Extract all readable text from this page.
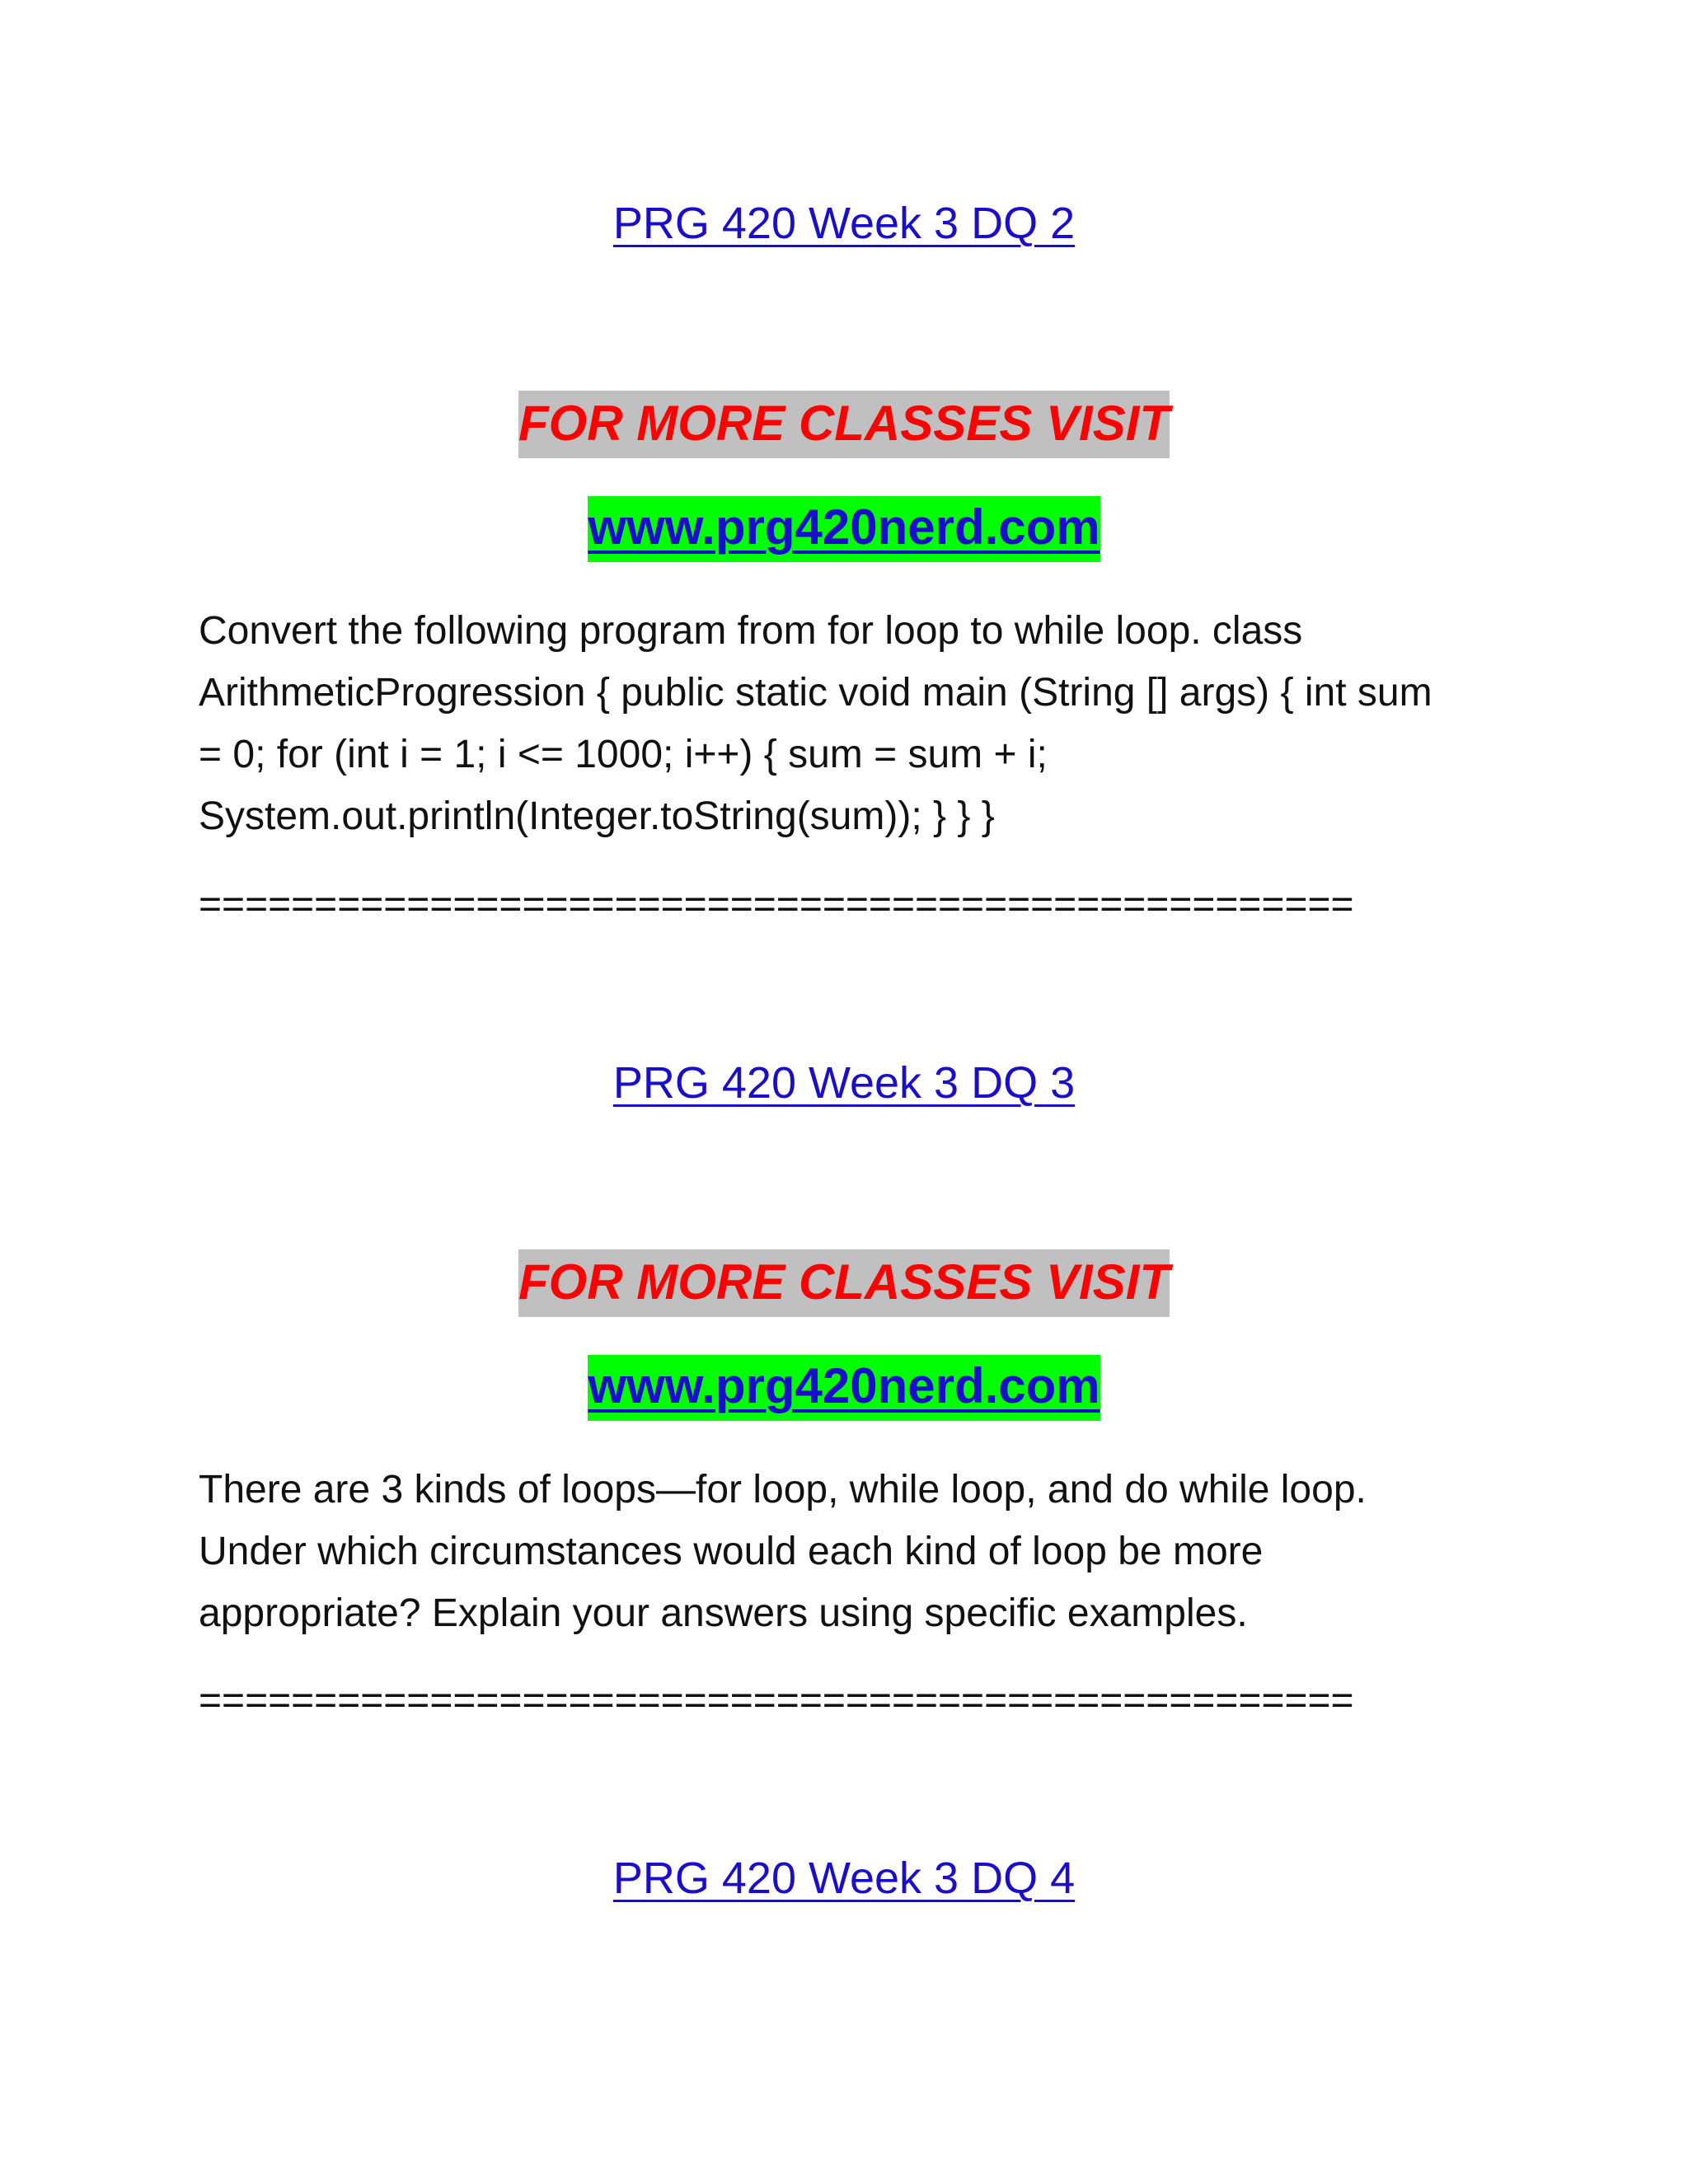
PRG 420 Week 3 DQ 2
FOR MORE CLASSES VISIT
www.prg420nerd.com
Convert the following program from for loop to while loop. class
ArithmeticProgression { public static void main (String [] args) { int sum
= 0; for (int i = 1; i <= 1000; i++) { sum = sum + i;
System.out.println(Integer.toString(sum)); } } }
==================================================
PRG 420 Week 3 DQ 3
FOR MORE CLASSES VISIT
www.prg420nerd.com
There are 3 kinds of loops—for loop, while loop, and do while loop.
Under which circumstances would each kind of loop be more
appropriate? Explain your answers using specific examples.
==================================================
PRG 420 Week 3 DQ 4
